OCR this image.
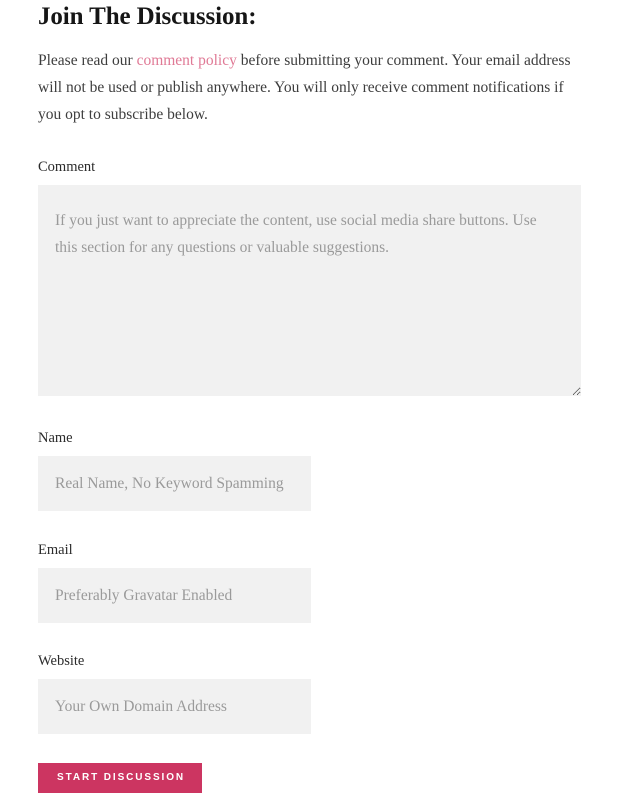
Join The Discussion:

Please read our comment policy before submitting your comment. Your email address will not be used or publish anywhere. You will only receive comment notifications if you opt to subscribe below.

Comment
If you just want to appreciate the content, use social media share buttons. Use this section for any questions or valuable suggestions.
Name
Real Name, No Keyword Spamming
Email
Preferably Gravatar Enabled
Website
Your Own Domain Address
START DISCUSSION
